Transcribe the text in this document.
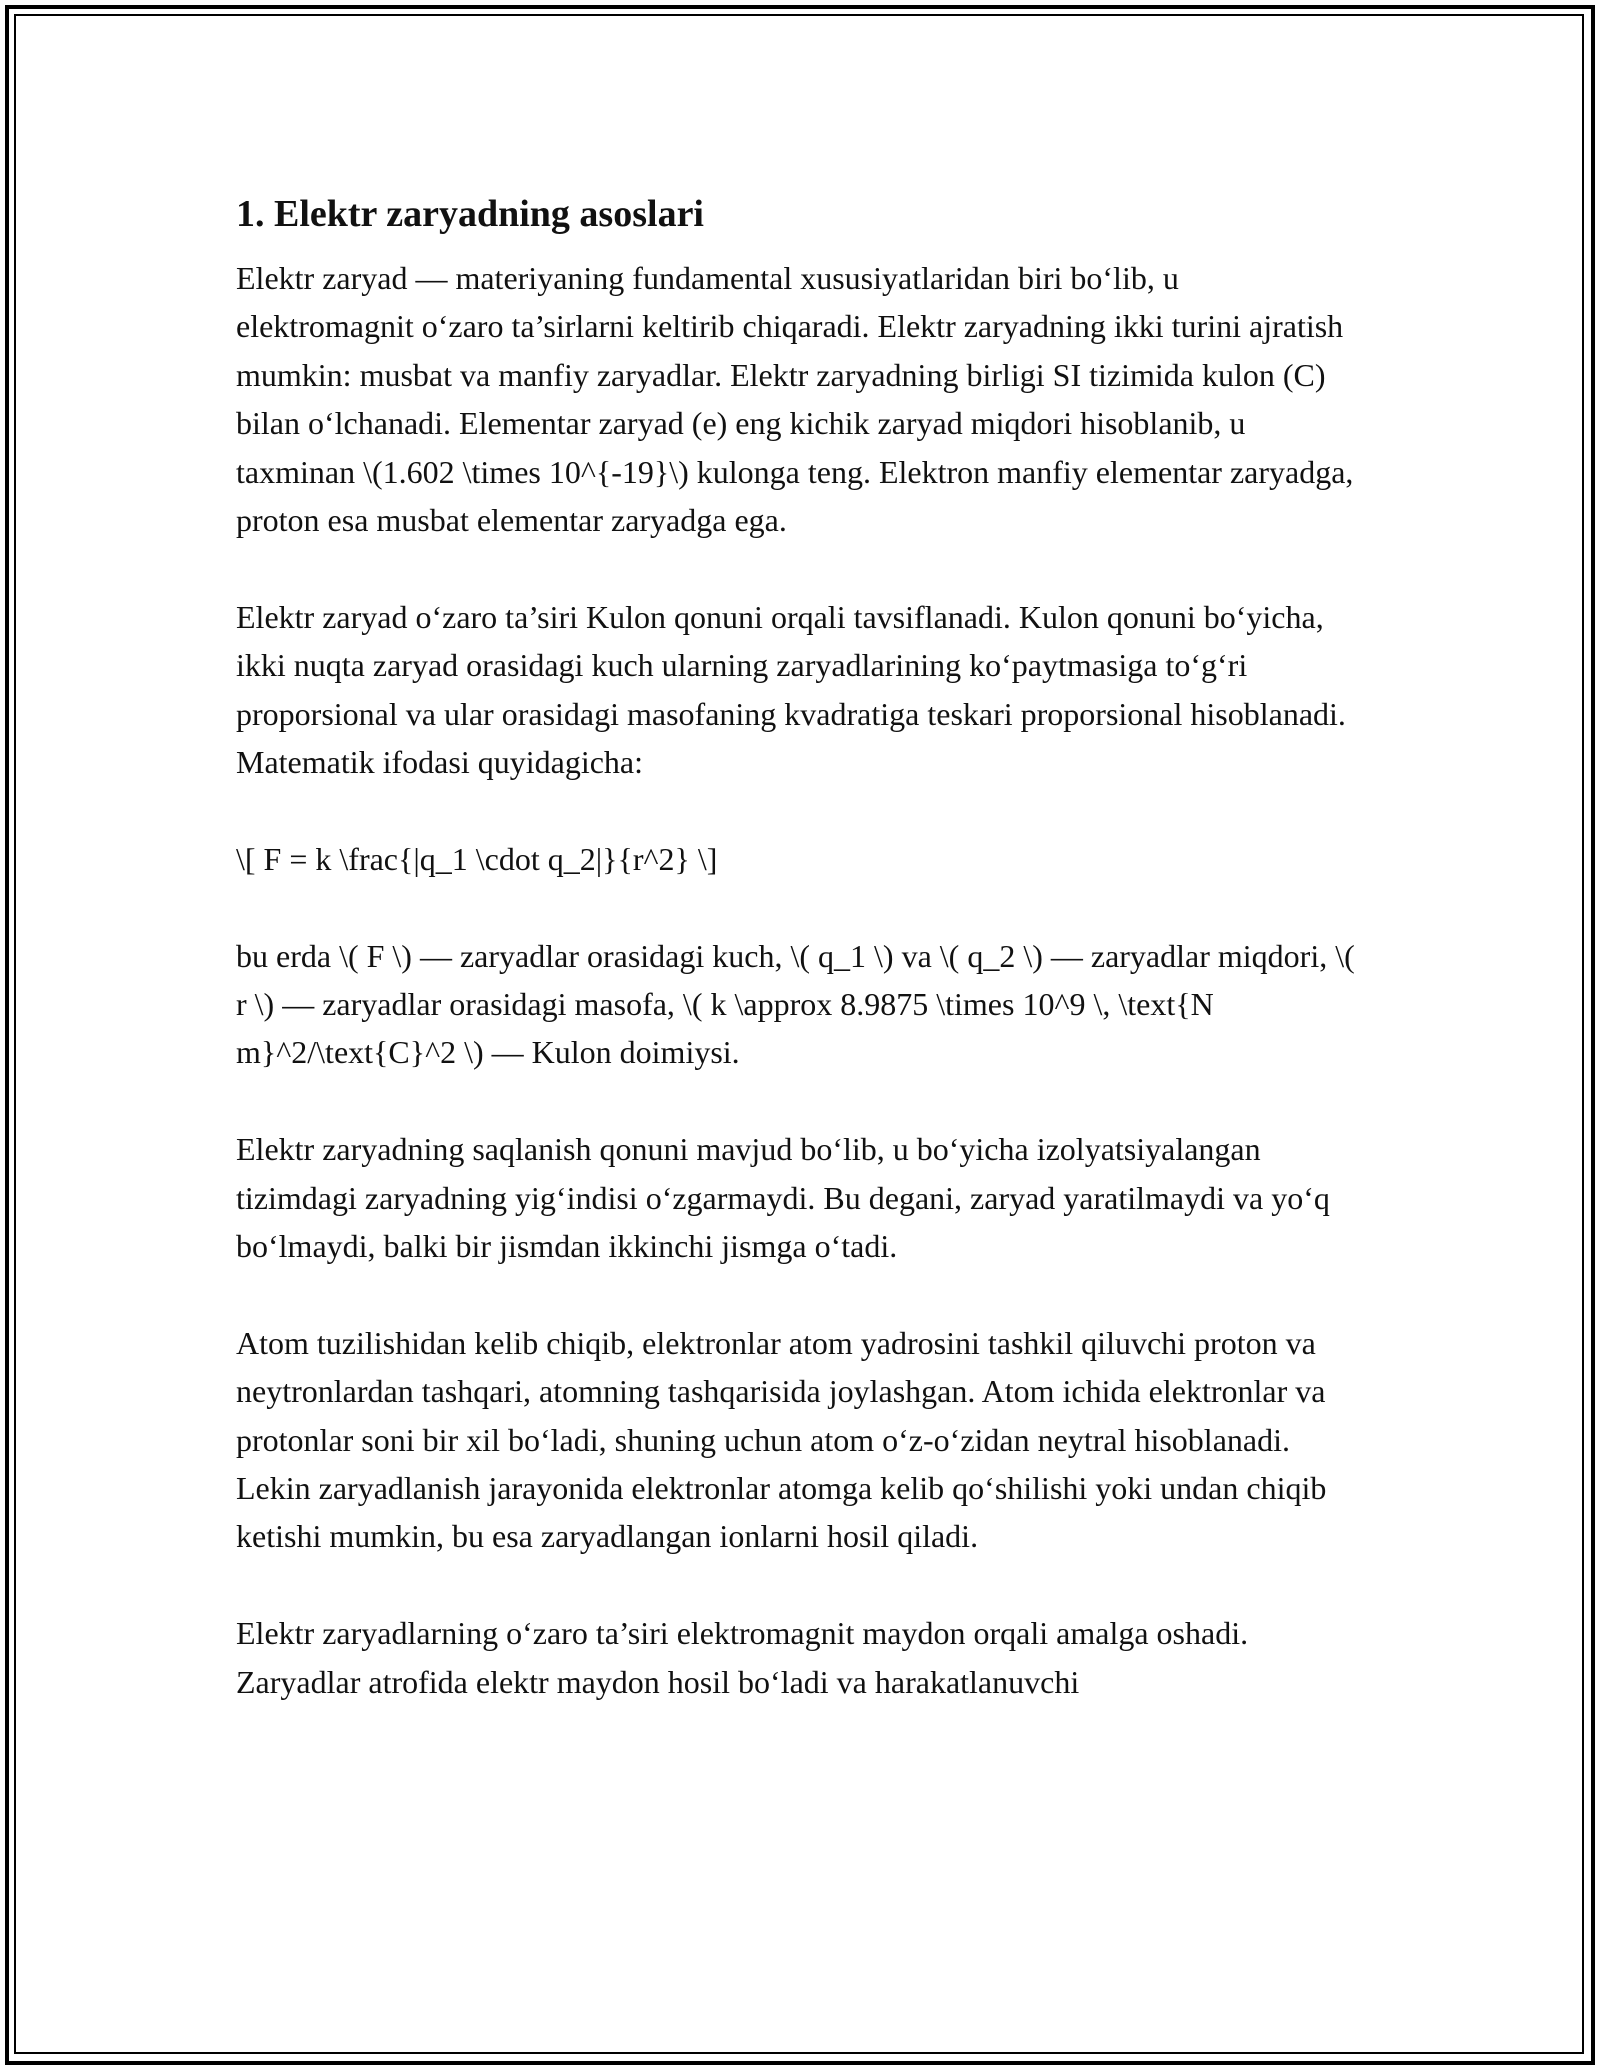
1. Elektr zaryadning asoslari

Elektr zaryad — materiyaning fundamental xususiyatlaridan biri bo‘lib, u elektromagnit o‘zaro ta’sirlarni keltirib chiqaradi. Elektr zaryadning ikki turini ajratish mumkin: musbat va manfiy zaryadlar. Elektr zaryadning birligi SI tizimida kulon (C) bilan o‘lchanadi. Elementar zaryad (e) eng kichik zaryad miqdori hisoblanib, u taxminan \(1.602 \times 10^{-19}\) kulonga teng. Elektron manfiy elementar zaryadga, proton esa musbat elementar zaryadga ega.

Elektr zaryad o‘zaro ta’siri Kulon qonuni orqali tavsiflanadi. Kulon qonuni bo‘yicha, ikki nuqta zaryad orasidagi kuch ularning zaryadlarining ko‘paytmasiga to‘g‘ri proporsional va ular orasidagi masofaning kvadratiga teskari proporsional hisoblanadi. Matematik ifodasi quyidagicha:

\[ F = k \frac{|q_1 \cdot q_2|}{r^2} \]

bu erda \( F \) — zaryadlar orasidagi kuch, \( q_1 \) va \( q_2 \) — zaryadlar miqdori, \( r \) — zaryadlar orasidagi masofa, \( k \approx 8.9875 \times 10^9 \, \text{N m}^2/\text{C}^2 \) — Kulon doimiysi.

Elektr zaryadning saqlanish qonuni mavjud bo‘lib, u bo‘yicha izolyatsiyalangan tizimdagi zaryadning yig‘indisi o‘zgarmaydi. Bu degani, zaryad yaratilmaydi va yo‘q bo‘lmaydi, balki bir jismdan ikkinchi jismga o‘tadi.

Atom tuzilishidan kelib chiqib, elektronlar atom yadrosini tashkil qiluvchi proton va neytronlardan tashqari, atomning tashqarisida joylashgan. Atom ichida elektronlar va protonlar soni bir xil bo‘ladi, shuning uchun atom o‘z-o‘zidan neytral hisoblanadi. Lekin zaryadlanish jarayonida elektronlar atomga kelib qo‘shilishi yoki undan chiqib ketishi mumkin, bu esa zaryadlangan ionlarni hosil qiladi.

Elektr zaryadlarning o‘zaro ta’siri elektromagnit maydon orqali amalga oshadi. Zaryadlar atrofida elektr maydon hosil bo‘ladi va harakatlanuvchi
